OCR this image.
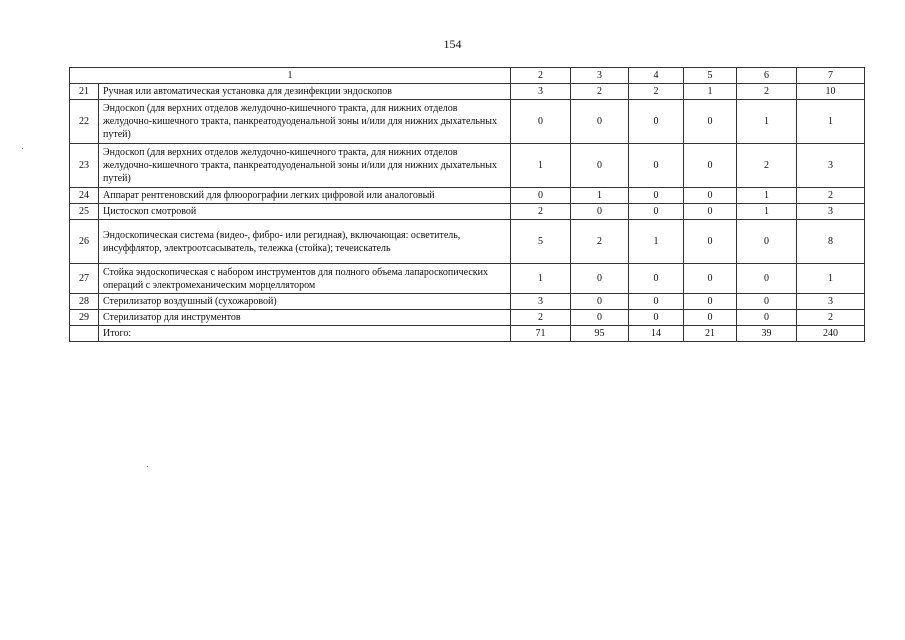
154
1		2	3	4	5	6	7
21	Ручная или автоматическая установка для дезинфекции эндоскопов	3	2	2	1	2	10
22	Эндоскоп (для верхних отделов желудочно-кишечного тракта, для нижних отделов желудочно-кишечного тракта, панкреатодуоденальной зоны и/или для нижних дыхательных путей)	0	0	0	0	1	1
23	Эндоскоп (для верхних отделов желудочно-кишечного тракта, для нижних отделов желудочно-кишечного тракта, панкреатодуоденальной зоны и/или для нижних дыхательных путей)	1	0	0	0	2	3
24	Аппарат рентгеновский для флюорографии легких цифровой или аналоговый	0	1	0	0	1	2
25	Цистоскоп смотровой	2	0	0	0	1	3
26	Эндоскопическая система (видео-, фибро- или регидная), включающая: осветитель, инсуффлятор, электроотсасыватель, тележка (стойка); течеискатель	5	2	1	0	0	8
27	Стойка эндоскопическая с набором инструментов для полного объема лапароскопических операций с электромеханическим морцеллятором	1	0	0	0	0	1
28	Стерилизатор воздушный (сухожаровой)	3	0	0	0	0	3
29	Стерилизатор для инструментов	2	0	0	0	0	2
	Итого:	71	95	14	21	39	240
